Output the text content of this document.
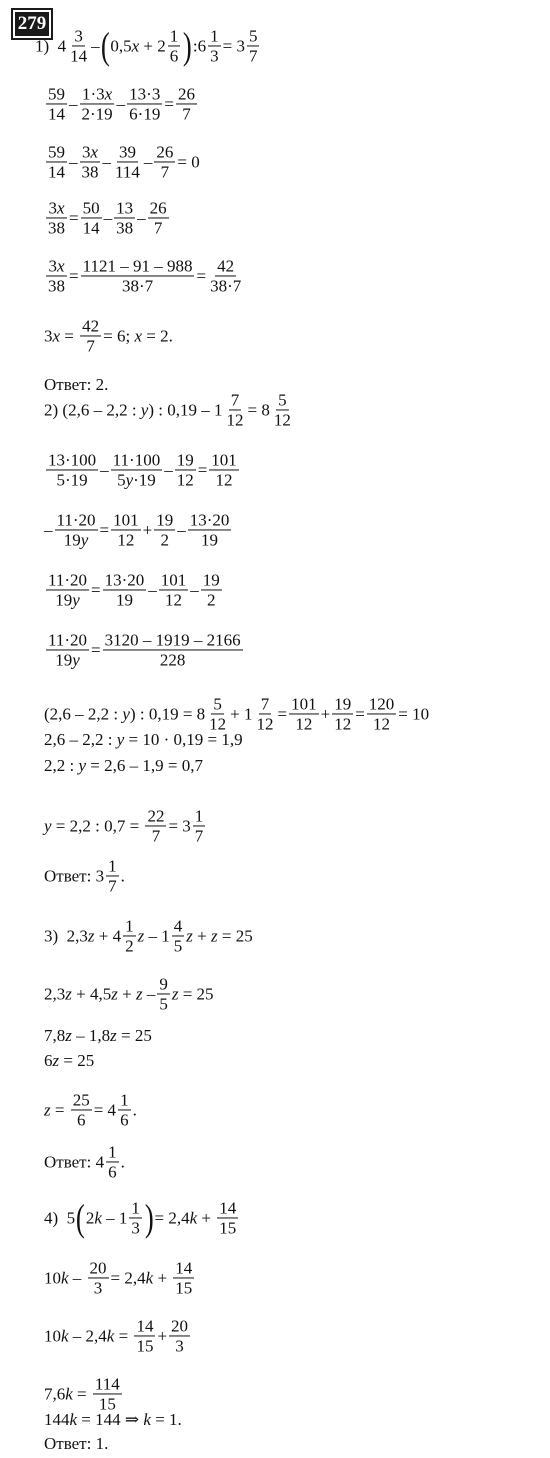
279
1)  $4 \frac{3}{14}$ – ( 0,5 $x + 2 \frac{1}{6}$ ) :6 $\frac{1}{3} = 3 \frac{5}{7}$
$\frac{59}{14} - \frac{1\cdot 3x}{2\cdot 19} - \frac{13\cdot 3}{6\cdot 19} = \frac{26}{7}$
$\frac{59}{14} - \frac{3x}{38} - \frac{39}{114} - \frac{26}{7} = 0$
$\frac{3x}{38} = \frac{50}{14} - \frac{13}{38} - \frac{26}{7}$
$\frac{3x}{38} = \frac{1121 - 91 - 988}{38\cdot 7} = \frac{42}{38\cdot 7}$
3 $x = \frac{42}{7} = 6$; x = 2.
Ответ: 2.
2) (2,6 – 2,2 : y ) : $0,19 - 1 \frac{7}{12} = 8 \frac{5}{12}$
$\frac{13\cdot 100}{5\cdot 19} - \frac{11\cdot 100}{5y\cdot 19} - \frac{19}{12} = \frac{101}{12}$
– $\frac{11\cdot 20}{19y} = \frac{101}{12} + \frac{19}{2} - \frac{13\cdot 20}{19}$
$\frac{11\cdot 20}{19y} = \frac{13\cdot 20}{19} - \frac{101}{12} - \frac{19}{2}$
$\frac{11\cdot 20}{19y} = \frac{3120 - 1919 - 2166}{228}$
(2,6 – 2,2 : y ) : $0,19 = 8 \frac{5}{12} + 1 \frac{7}{12} = \frac{101}{12} + \frac{19}{12} = \frac{120}{12} = 10$
2,6 – 2,2 : y = 10 · 0,19 = 1,9
2,2 : y = 2,6 – 1,9 = 0,7
y = 2,2 : $0,7 = \frac{22}{7} = 3 \frac{1}{7}$
Ответ: $3 \frac{1}{7}$ .
3)  2,3 $z + 4 \frac{1}{2}$ z – $1 \frac{4}{5}$ z + z = 25
2,3 z + 4,5 $z + z - \frac{9}{5}$ z = 25
7,8 z – 1,8 z = 25
6 z = 25
$z = \frac{25}{6} = 4 \frac{1}{6}$ .
Ответ: $4 \frac{1}{6}$ .
4)  5 ( 2 k – $1 \frac{1}{3}$ ) = 2,4 $k + \frac{14}{15}$
10 $k - \frac{20}{3} = 2,4$ $k + \frac{14}{15}$
10 k – 2,4 $k = \frac{14}{15} + \frac{20}{3}$
7,6 $k = \frac{114}{15}$
144 k = 144 ⇒ k = 1.
Ответ: 1.
